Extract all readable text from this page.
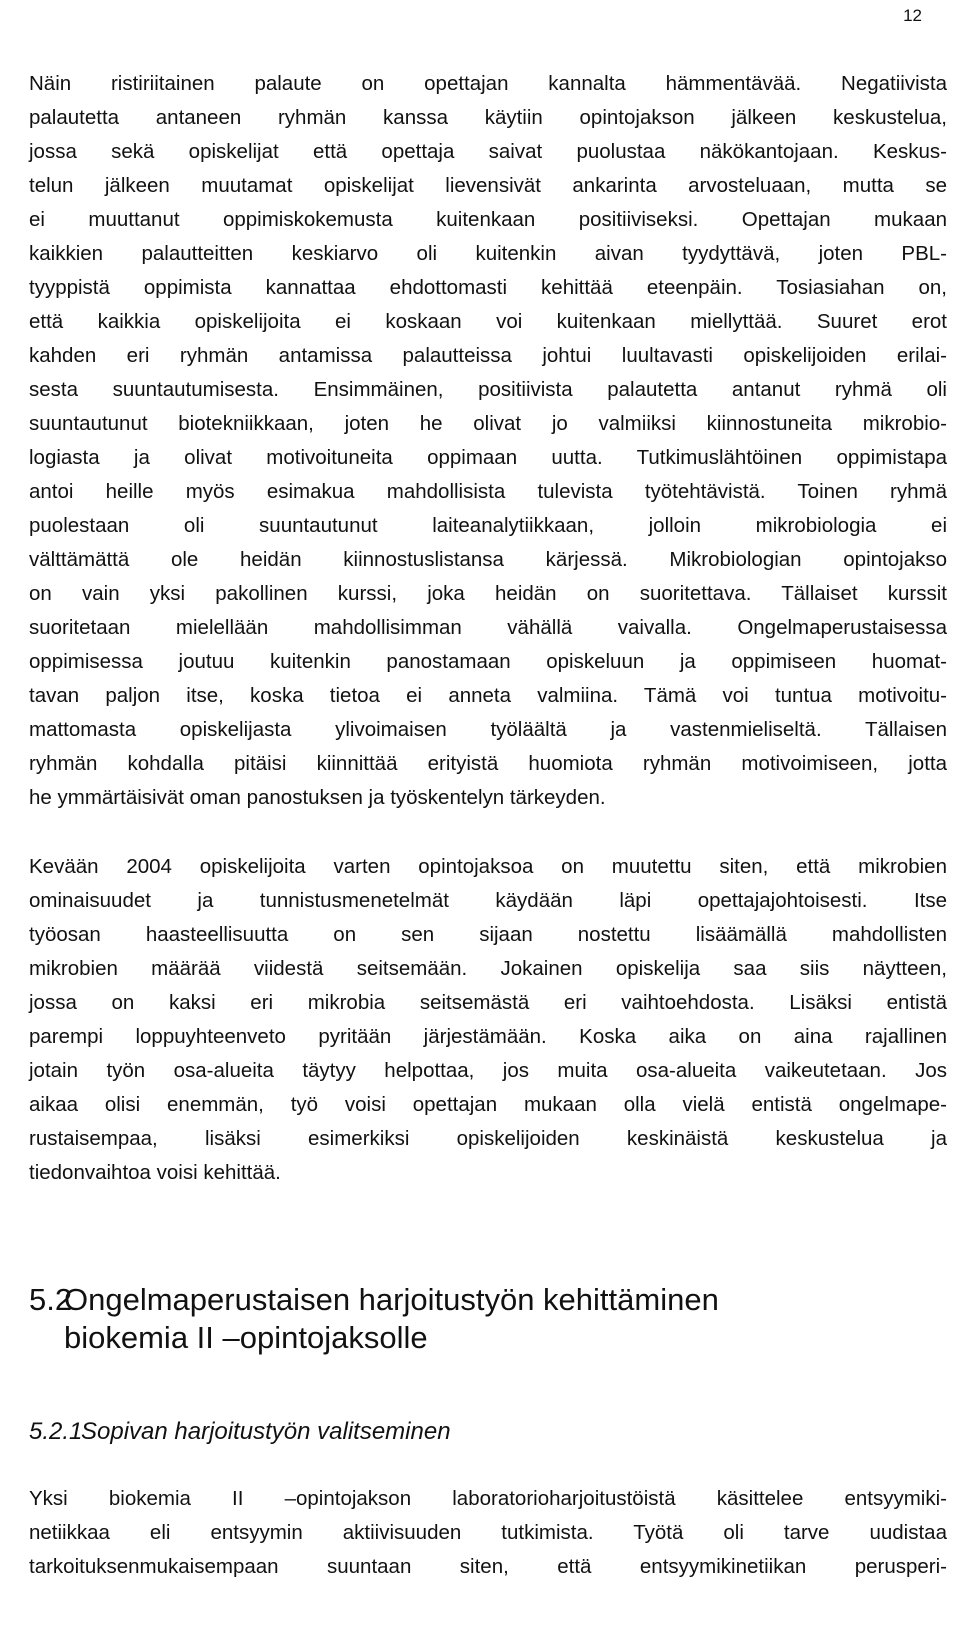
12
Näin ristiriitainen palaute on opettajan kannalta hämmentävää. Negatiivista
palautetta antaneen ryhmän kanssa käytiin opintojakson jälkeen keskustelua,
jossa sekä opiskelijat että opettaja saivat puolustaa näkökantojaan. Keskus-
telun jälkeen muutamat opiskelijat lievensivät ankarinta arvosteluaan, mutta se
ei muuttanut oppimiskokemusta kuitenkaan positiiviseksi. Opettajan mukaan
kaikkien palautteitten keskiarvo oli kuitenkin aivan tyydyttävä, joten PBL-
tyyppistä oppimista kannattaa ehdottomasti kehittää eteenpäin. Tosiasiahan on,
että kaikkia opiskelijoita ei koskaan voi kuitenkaan miellyttää. Suuret erot
kahden eri ryhmän antamissa palautteissa johtui luultavasti opiskelijoiden erilai-
sesta suuntautumisesta. Ensimmäinen, positiivista palautetta antanut ryhmä oli
suuntautunut biotekniikkaan, joten he olivat jo valmiiksi kiinnostuneita mikrobio-
logiasta ja olivat motivoituneita oppimaan uutta. Tutkimuslähtöinen oppimistapa
antoi heille myös esimakua mahdollisista tulevista työtehtävistä. Toinen ryhmä
puolestaan oli suuntautunut laiteanalytiikkaan, jolloin mikrobiologia ei
välttämättä ole heidän kiinnostuslistansa kärjessä. Mikrobiologian opintojakso
on vain yksi pakollinen kurssi, joka heidän on suoritettava. Tällaiset kurssit
suoritetaan mielellään mahdollisimman vähällä vaivalla. Ongelmaperustaisessa
oppimisessa joutuu kuitenkin panostamaan opiskeluun ja oppimiseen huomat-
tavan paljon itse, koska tietoa ei anneta valmiina. Tämä voi tuntua motivoitu-
mattomasta opiskelijasta ylivoimaisen työläältä ja vastenmieliseltä. Tällaisen
ryhmän kohdalla pitäisi kiinnittää erityistä huomiota ryhmän motivoimiseen, jotta
he ymmärtäisivät oman panostuksen ja työskentelyn tärkeyden.
Kevään 2004 opiskelijoita varten opintojaksoa on muutettu siten, että mikrobien
ominaisuudet ja tunnistusmenetelmät käydään läpi opettajajohtoisesti. Itse
työosan haasteellisuutta on sen sijaan nostettu lisäämällä mahdollisten
mikrobien määrää viidestä seitsemään. Jokainen opiskelija saa siis näytteen,
jossa on kaksi eri mikrobia seitsemästä eri vaihtoehdosta. Lisäksi entistä
parempi loppuyhteenveto pyritään järjestämään. Koska aika on aina rajallinen
jotain työn osa-alueita täytyy helpottaa, jos muita osa-alueita vaikeutetaan. Jos
aikaa olisi enemmän, työ voisi opettajan mukaan olla vielä entistä ongelmape-
rustaisempaa, lisäksi esimerkiksi opiskelijoiden keskinäistä keskustelua ja
tiedonvaihtoa voisi kehittää.
5.2Ongelmaperustaisen harjoitustyön kehittäminen
biokemia II –opintojaksolle
5.2.1Sopivan harjoitustyön valitseminen
Yksi biokemia II –opintojakson laboratorioharjoitustöistä käsittelee entsyymiki-
netiikkaa eli entsyymin aktiivisuuden tutkimista. Työtä oli tarve uudistaa
tarkoituksenmukaisempaan suuntaan siten, että entsyymikinetiikan perusperi-
